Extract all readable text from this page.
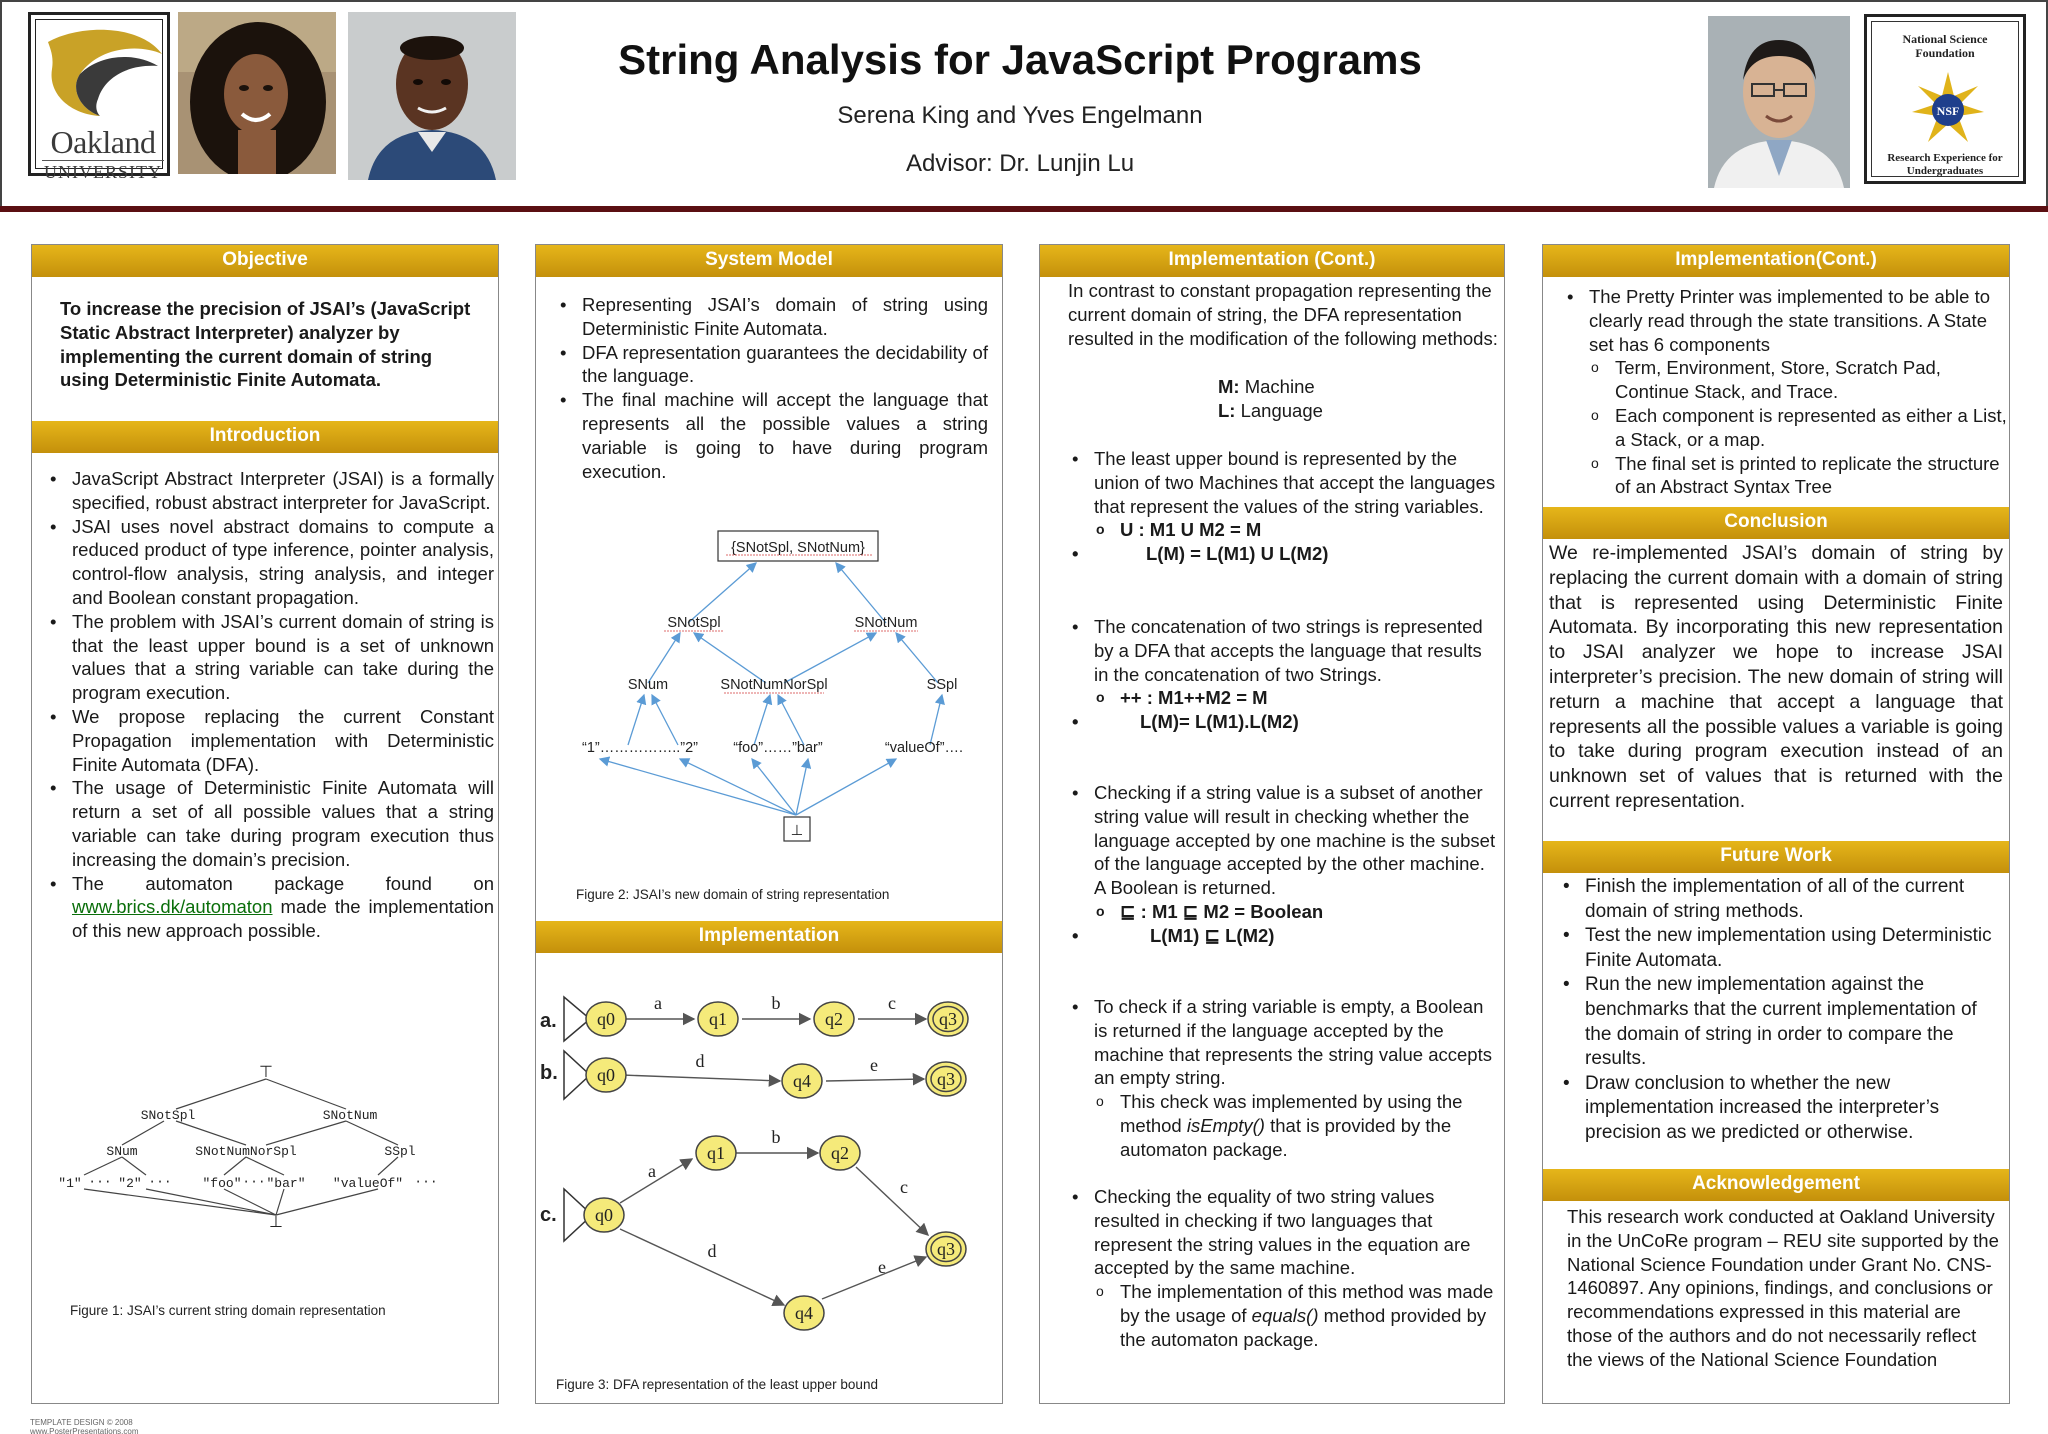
Oakland
UNIVERSITY
String Analysis for JavaScript Programs
Serena King and Yves Engelmann
Advisor: Dr. Lunjin Lu
National Science Foundation
NSF
Research Experience for Undergraduates
Objective
To increase the precision of JSAI’s (JavaScript Static Abstract Interpreter) analyzer by implementing the current domain of string using Deterministic Finite Automata.
Introduction
• JavaScript Abstract Interpreter (JSAI) is a formally specified, robust abstract interpreter for JavaScript.
• JSAI uses novel abstract domains to compute a reduced product of type inference, pointer analysis, control-flow analysis, string analysis, and integer and Boolean constant propagation.
• The problem with JSAI’s current domain of string is that the least upper bound is a set of unknown values that a string variable can take during the program execution.
• We propose replacing the current Constant Propagation implementation with Deterministic Finite Automata (DFA).
• The usage of Deterministic Finite Automata will return a set of all possible values that a string variable can take during program execution thus increasing the domain’s precision.
• The automaton package found on www.brics.dk/automaton made the implementation of this new approach possible.
⊤
SNotSpl	SNotNum
SNum	SNotNumNorSpl	SSpl
"1" ··· "2" ··· "foo" ··· "bar" "valueOf" ···
⊥
Figure 1: JSAI’s current string domain representation
System Model
• Representing JSAI’s domain of string using Deterministic Finite Automata.
• DFA representation guarantees the decidability of the language.
• The final machine will accept the language that represents all the possible values a string variable is going to have during program execution.
{SNotSpl, SNotNum}
SNotSpl	SNotNum
SNum	SNotNumNorSpl	SSpl
“1”……………..”2” “foo”……”bar”	“valueOf”….
⊥
Figure 2: JSAI’s new domain of string representation
Implementation
a.
b.
c.
q0	q1	q2	q3
q0	q4	q3
q0
q1	q2
q3
q4
a	b	c
d	e
a
b
c
d
e
Figure 3: DFA representation of the least upper bound
Implementation (Cont.)
In contrast to constant propagation representing the current domain of string, the DFA representation resulted in the modification of the following methods:
M: Machine
L: Language
• The least upper bound is represented by the union of two Machines that accept the languages that represent the values of the string variables.
o U : M1 U M2 = M
• L(M) = L(M1) U L(M2)
• The concatenation of two strings is represented by a DFA that accepts the language that results in the concatenation of two Strings.
o ++ : M1++M2 = M
• L(M)= L(M1).L(M2)
• Checking if a string value is a subset of another string value will result in checking whether the language accepted by one machine is the subset of the language accepted by the other machine. A Boolean is returned.
o ⊑ : M1 ⊑ M2 = Boolean
• L(M1) ⊑ L(M2)
• To check if a string variable is empty, a Boolean is returned if the language accepted by the machine that represents the string value accepts an empty string.
o This check was implemented by using the method isEmpty() that is provided by the automaton package.
• Checking the equality of two string values resulted in checking if two languages that represent the string values in the equation are accepted by the same machine.
o The implementation of this method was made by the usage of equals() method provided by the automaton package.
Implementation(Cont.)
• The Pretty Printer was implemented to be able to clearly read through the state transitions. A State set has 6 components
o Term, Environment, Store, Scratch Pad, Continue Stack, and Trace.
o Each component is represented as either a List, a Stack, or a map.
o The final set is printed to replicate the structure of an Abstract Syntax Tree
Conclusion
We re-implemented JSAI’s domain of string by replacing the current domain with a domain of string that is represented using Deterministic Finite Automata. By incorporating this new representation to JSAI analyzer we hope to increase JSAI interpreter’s precision. The new domain of string will return a machine that accept a language that represents all the possible values a variable is going to take during program execution instead of an unknown set of values that is returned with the current representation.
Future Work
• Finish the implementation of all of the current domain of string methods.
• Test the new implementation using Deterministic Finite Automata.
• Run the new implementation against the benchmarks that the current implementation of the domain of string in order to compare the results.
• Draw conclusion to whether the new implementation increased the interpreter’s precision as we predicted or otherwise.
Acknowledgement
This research work conducted at Oakland University in the UnCoRe program – REU site supported by the National Science Foundation under Grant No. CNS-1460897. Any opinions, findings, and conclusions or recommendations expressed in this material are those of the authors and do not necessarily reflect the views of the National Science Foundation
TEMPLATE DESIGN © 2008
www.PosterPresentations.com
